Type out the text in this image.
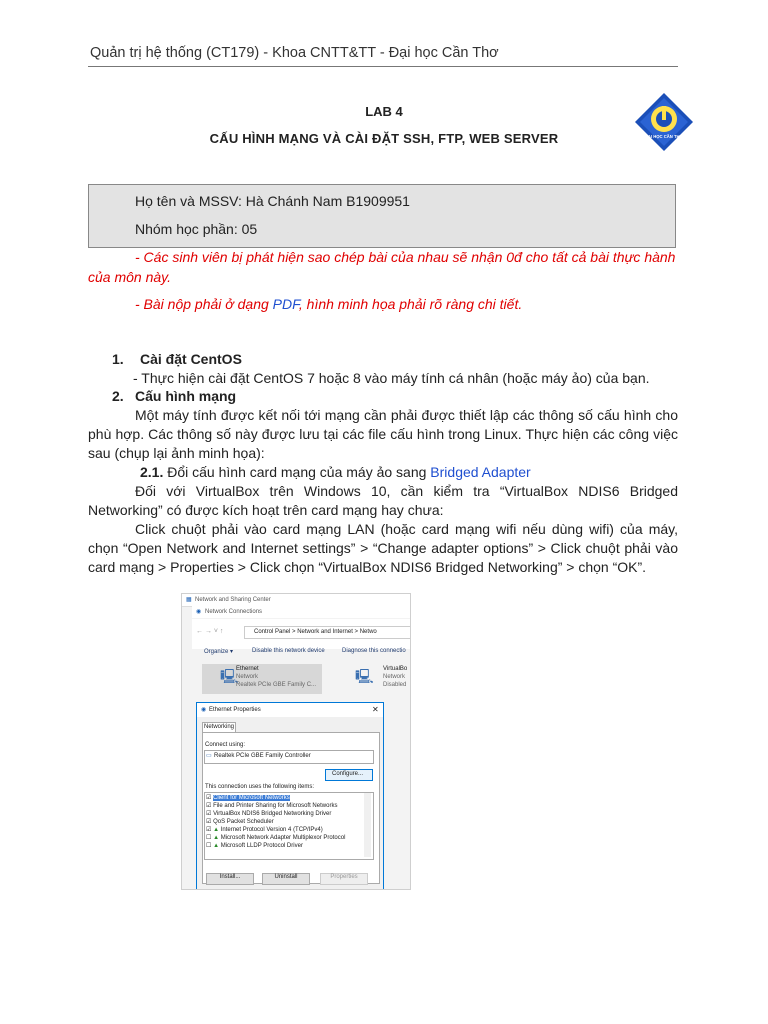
Quản trị hệ thống (CT179) - Khoa CNTT&TT - Đại học Cần Thơ
LAB 4
CẤU HÌNH MẠNG VÀ CÀI ĐẶT SSH, FTP, WEB SERVER	ĐẠI HỌC CẦN THƠ
Họ tên và MSSV: Hà Chánh Nam B1909951
Nhóm học phần: 05
- Các sinh viên bị phát hiện sao chép bài của nhau sẽ nhận 0đ cho tất cả bài thực hành
của môn này.
- Bài nộp phải ở dạng PDF, hình minh họa phải rõ ràng chi tiết.
1. Cài đặt CentOS
- Thực hiện cài đặt CentOS 7 hoặc 8 vào máy tính cá nhân (hoặc máy ảo) của bạn.
2. Cấu hình mạng
Một máy tính được kết nối tới mạng cần phải được thiết lập các thông số cấu hình cho phù hợp. Các thông số này được lưu tại các file cấu hình trong Linux. Thực hiện các công việc sau (chụp lại ảnh minh họa):
2.1. Đổi cấu hình card mạng của máy ảo sang Bridged Adapter
Đối với VirtualBox trên Windows 10, cần kiểm tra “VirtualBox NDIS6 Bridged Networking” có được kích hoạt trên card mạng hay chưa:
Click chuột phải vào card mạng LAN (hoặc card mạng wifi nếu dùng wifi) của máy, chọn “Open Network and Internet settings” > “Change adapter options” > Click chuột phải vào card mạng > Properties > Click chọn “VirtualBox NDIS6 Bridged Networking” > chọn “OK”.
▦ Network and Sharing Center
◉ Network Connections
← → ˅ ↑	Control Panel > Network and Internet > Netwo
Organize ▾	Disable this network device	Diagnose this connectio
🖳
Ethernet
Network
Realtek PCIe GBE Family C...
🖳 VirtualBo
Network
Disabled
◉ Ethernet Properties	✕
Networking
Connect using:
▭ Realtek PCIe GBE Family Controller
Configure...
This connection uses the following items:
☑ Client for Microsoft Networks
☑ File and Printer Sharing for Microsoft Networks
☑ VirtualBox NDIS6 Bridged Networking Driver
☑ QoS Packet Scheduler
☑ ▲ Internet Protocol Version 4 (TCP/IPv4)
☐ ▲ Microsoft Network Adapter Multiplexor Protocol
☐ ▲ Microsoft LLDP Protocol Driver
Install...	Uninstall	Properties
